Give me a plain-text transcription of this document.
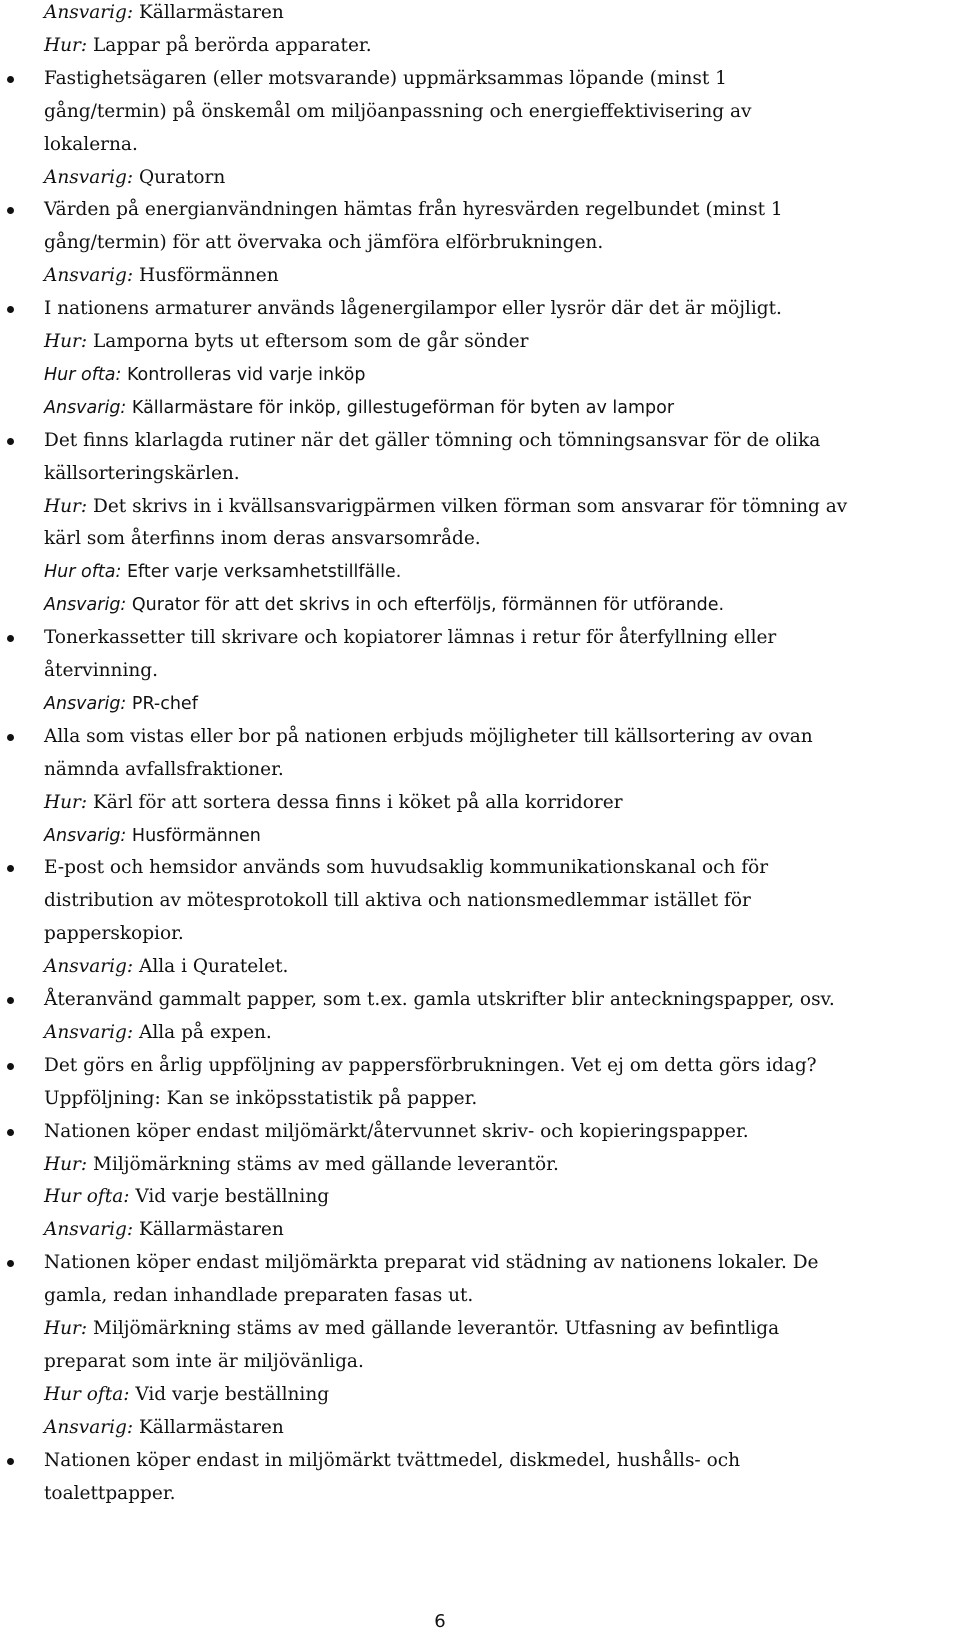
Ansvarig: Källarmästaren
Hur: Lappar på berörda apparater.
Fastighetsägaren (eller motsvarande) uppmärksammas löpande (minst 1
gång/termin) på önskemål om miljöanpassning och energieffektivisering av
lokalerna.
Ansvarig: Quratorn
Värden på energianvändningen hämtas från hyresvärden regelbundet (minst 1
gång/termin) för att övervaka och jämföra elförbrukningen.
Ansvarig: Husförmännen
I nationens armaturer används lågenergilampor eller lysrör där det är möjligt.
Hur: Lamporna byts ut eftersom som de går sönder
Hur ofta: Kontrolleras vid varje inköp
Ansvarig: Källarmästare för inköp, gillestugeförman för byten av lampor
Det finns klarlagda rutiner när det gäller tömning och tömningsansvar för de olika
källsorteringskärlen.
Hur: Det skrivs in i kvällsansvarigpärmen vilken förman som ansvarar för tömning av
kärl som återfinns inom deras ansvarsområde.
Hur ofta: Efter varje verksamhetstillfälle.
Ansvarig: Qurator för att det skrivs in och efterföljs, förmännen för utförande.
Tonerkassetter till skrivare och kopiatorer lämnas i retur för återfyllning eller
återvinning.
Ansvarig: PR-chef
Alla som vistas eller bor på nationen erbjuds möjligheter till källsortering av ovan
nämnda avfallsfraktioner.
Hur: Kärl för att sortera dessa finns i köket på alla korridorer
Ansvarig: Husförmännen
E-post och hemsidor används som huvudsaklig kommunikationskanal och för
distribution av mötesprotokoll till aktiva och nationsmedlemmar istället för
papperskopior.
Ansvarig: Alla i Quratelet.
Återanvänd gammalt papper, som t.ex. gamla utskrifter blir anteckningspapper, osv.
Ansvarig: Alla på expen.
Det görs en årlig uppföljning av pappersförbrukningen. Vet ej om detta görs idag?
Uppföljning: Kan se inköpsstatistik på papper.
Nationen köper endast miljömärkt/återvunnet skriv- och kopieringspapper.
Hur: Miljömärkning stäms av med gällande leverantör.
Hur ofta: Vid varje beställning
Ansvarig: Källarmästaren
Nationen köper endast miljömärkta preparat vid städning av nationens lokaler. De
gamla, redan inhandlade preparaten fasas ut.
Hur: Miljömärkning stäms av med gällande leverantör. Utfasning av befintliga
preparat som inte är miljövänliga.
Hur ofta: Vid varje beställning
Ansvarig: Källarmästaren
Nationen köper endast in miljömärkt tvättmedel, diskmedel, hushålls- och
toalettpapper.
6
